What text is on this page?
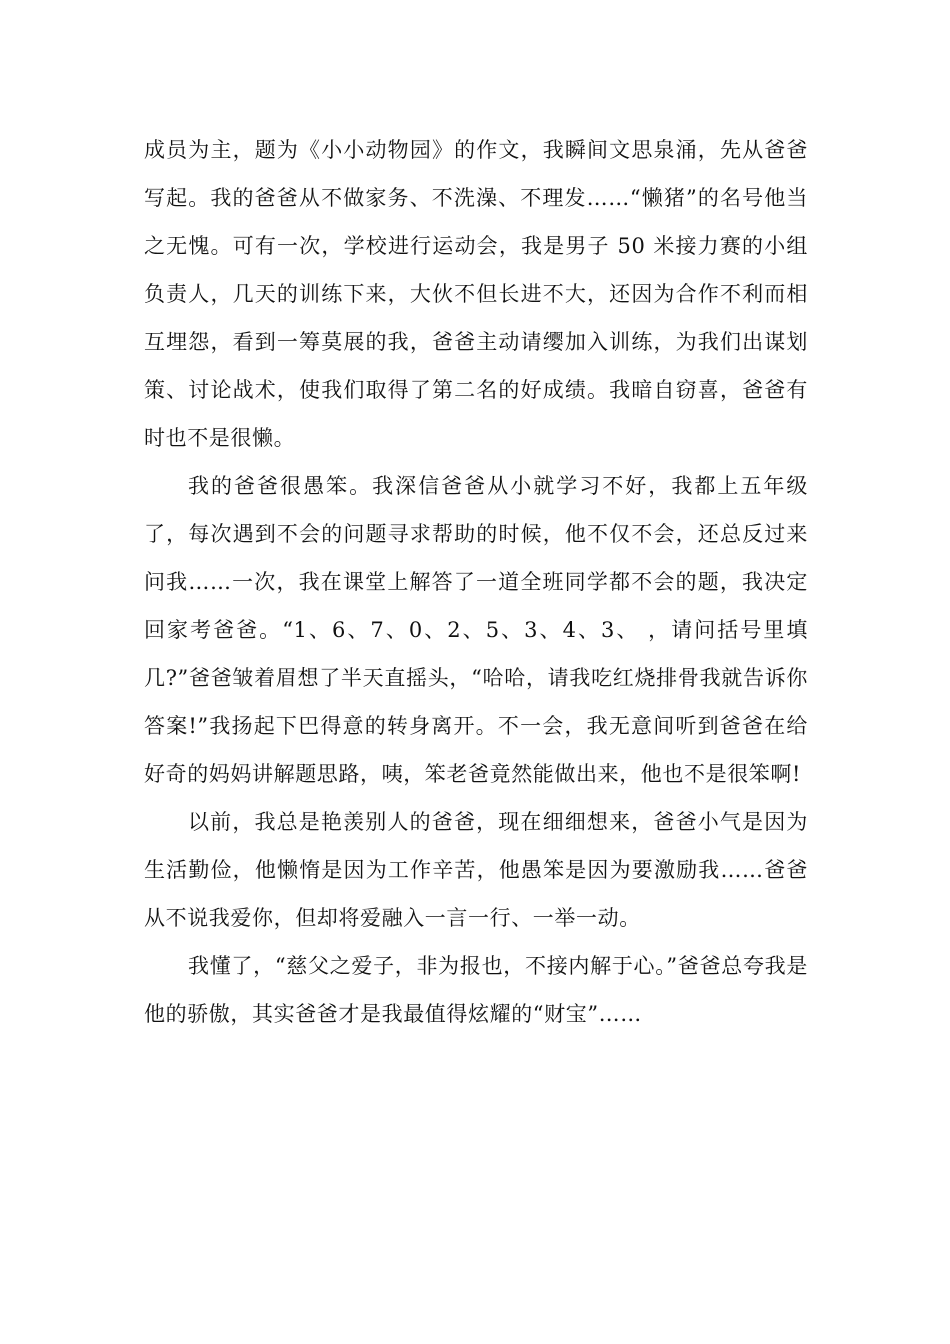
成员为主，题为《小小动物园》的作文，我瞬间文思泉涌，先从爸爸写起。我的爸爸从不做家务、不洗澡、不理发……“懒猪”的名号他当之无愧。可有一次，学校进行运动会，我是男子 50 米接力赛的小组负责人，几天的训练下来，大伙不但长进不大，还因为合作不利而相互埋怨，看到一筹莫展的我，爸爸主动请缨加入训练，为我们出谋划策、讨论战术，使我们取得了第二名的好成绩。我暗自窃喜，爸爸有时也不是很懒。

我的爸爸很愚笨。我深信爸爸从小就学习不好，我都上五年级了，每次遇到不会的问题寻求帮助的时候，他不仅不会，还总反过来问我……一次，我在课堂上解答了一道全班同学都不会的题，我决定回家考爸爸。“1、6、7、0、2、5、3、4、3、 ，请问括号里填几?”爸爸皱着眉想了半天直摇头，“哈哈，请我吃红烧排骨我就告诉你答案!”我扬起下巴得意的转身离开。不一会，我无意间听到爸爸在给好奇的妈妈讲解题思路，咦，笨老爸竟然能做出来，他也不是很笨啊!

以前，我总是艳羡别人的爸爸，现在细细想来，爸爸小气是因为生活勤俭，他懒惰是因为工作辛苦，他愚笨是因为要激励我……爸爸从不说我爱你，但却将爱融入一言一行、一举一动。

我懂了，“慈父之爱子，非为报也，不接内解于心。”爸爸总夸我是他的骄傲，其实爸爸才是我最值得炫耀的“财宝”……
